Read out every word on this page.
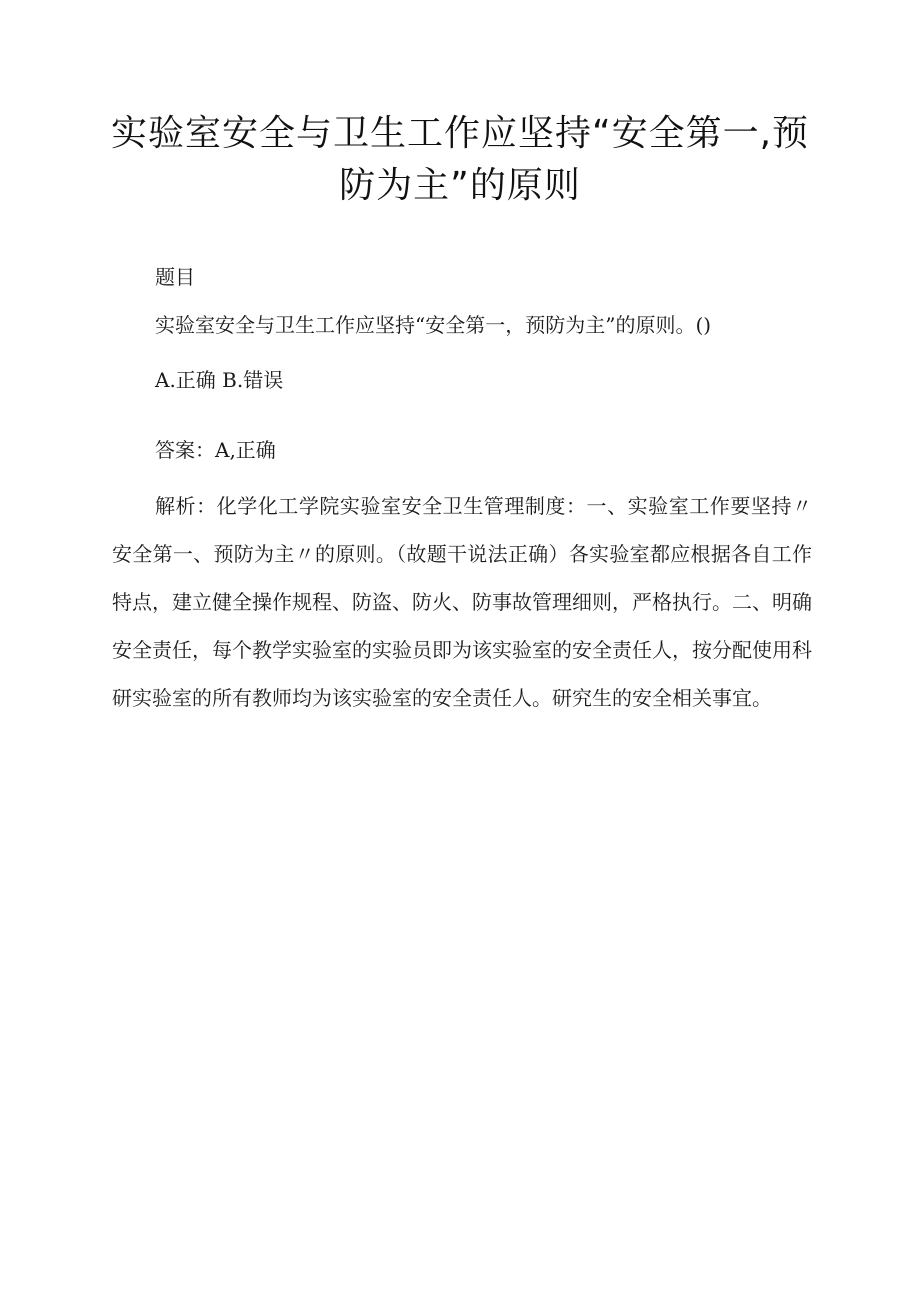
实验室安全与卫生工作应坚持“安全第一,预防为主”的原则

题目

实验室安全与卫生工作应坚持“安全第一，预防为主”的原则。()

A.正确 B.错误

答案：A,正确

解析：化学化工学院实验室安全卫生管理制度：一、实验室工作要坚持〃安全第一、预防为主〃的原则。（故题干说法正确）各实验室都应根据各自工作特点，建立健全操作规程、防盗、防火、防事故管理细则，严格执行。二、明确安全责任，每个教学实验室的实验员即为该实验室的安全责任人，按分配使用科研实验室的所有教师均为该实验室的安全责任人。研究生的安全相关事宜。
